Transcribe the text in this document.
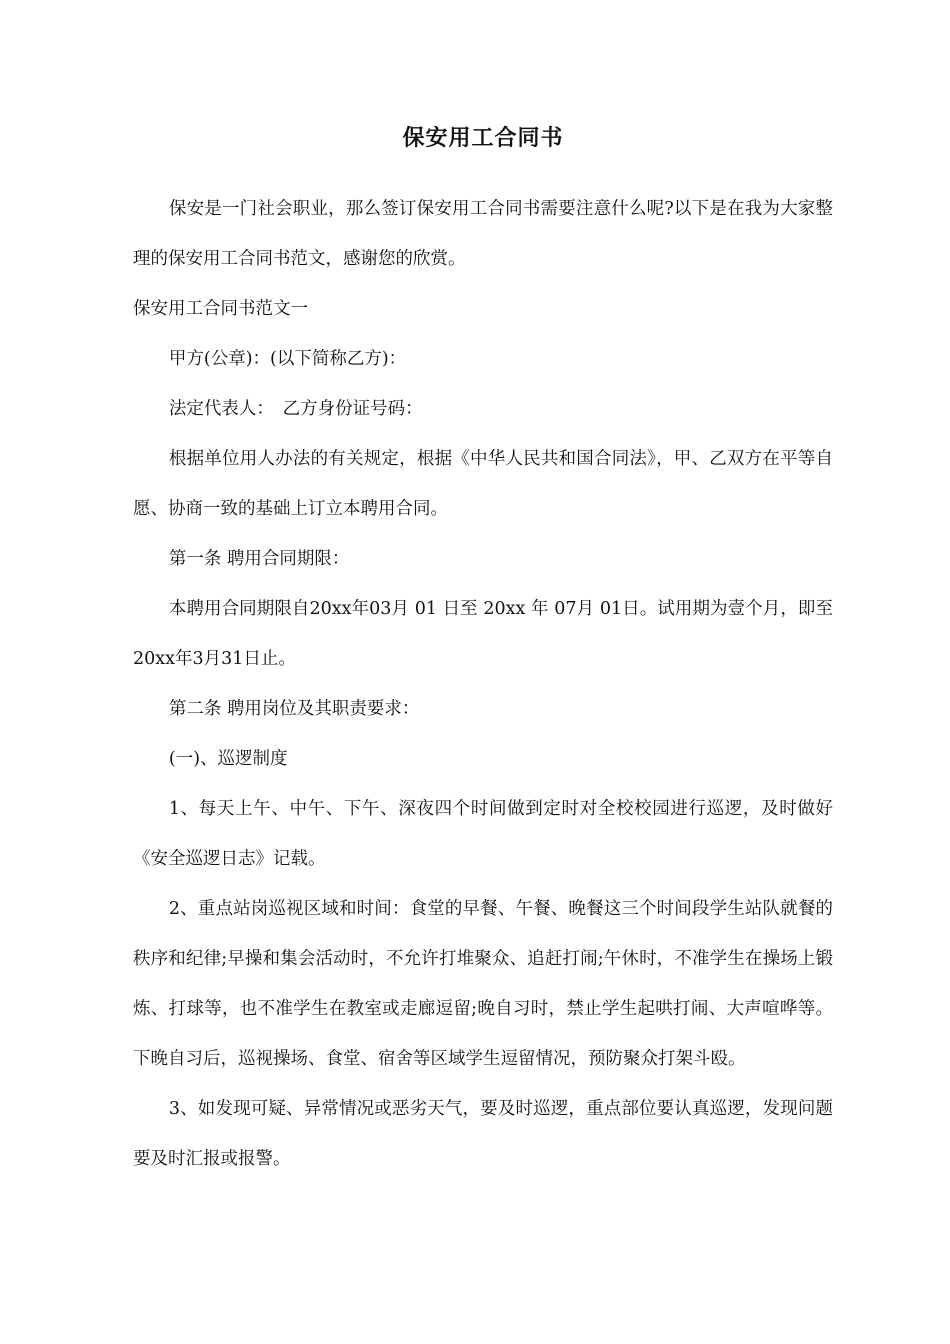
保安用工合同书
保安是一门社会职业，那么签订保安用工合同书需要注意什么呢?以下是在我为大家整理的保安用工合同书范文，感谢您的欣赏。
保安用工合同书范文一
甲方(公章)：(以下简称乙方)：
法定代表人：　乙方身份证号码：
根据单位用人办法的有关规定，根据《中华人民共和国合同法》，甲、乙双方在平等自愿、协商一致的基础上订立本聘用合同。
第一条 聘用合同期限：
本聘用合同期限自20xx年03月 01 日至 20xx 年 07月 01日。试用期为壹个月，即至20xx年3月31日止。
第二条 聘用岗位及其职责要求：
(一)、巡逻制度
1、每天上午、中午、下午、深夜四个时间做到定时对全校校园进行巡逻，及时做好《安全巡逻日志》记载。
2、重点站岗巡视区域和时间：食堂的早餐、午餐、晚餐这三个时间段学生站队就餐的秩序和纪律;早操和集会活动时，不允许打堆聚众、追赶打闹;午休时，不准学生在操场上锻炼、打球等，也不准学生在教室或走廊逗留;晚自习时，禁止学生起哄打闹、大声喧哗等。下晚自习后，巡视操场、食堂、宿舍等区域学生逗留情况，预防聚众打架斗殴。
3、如发现可疑、异常情况或恶劣天气，要及时巡逻，重点部位要认真巡逻，发现问题要及时汇报或报警。
